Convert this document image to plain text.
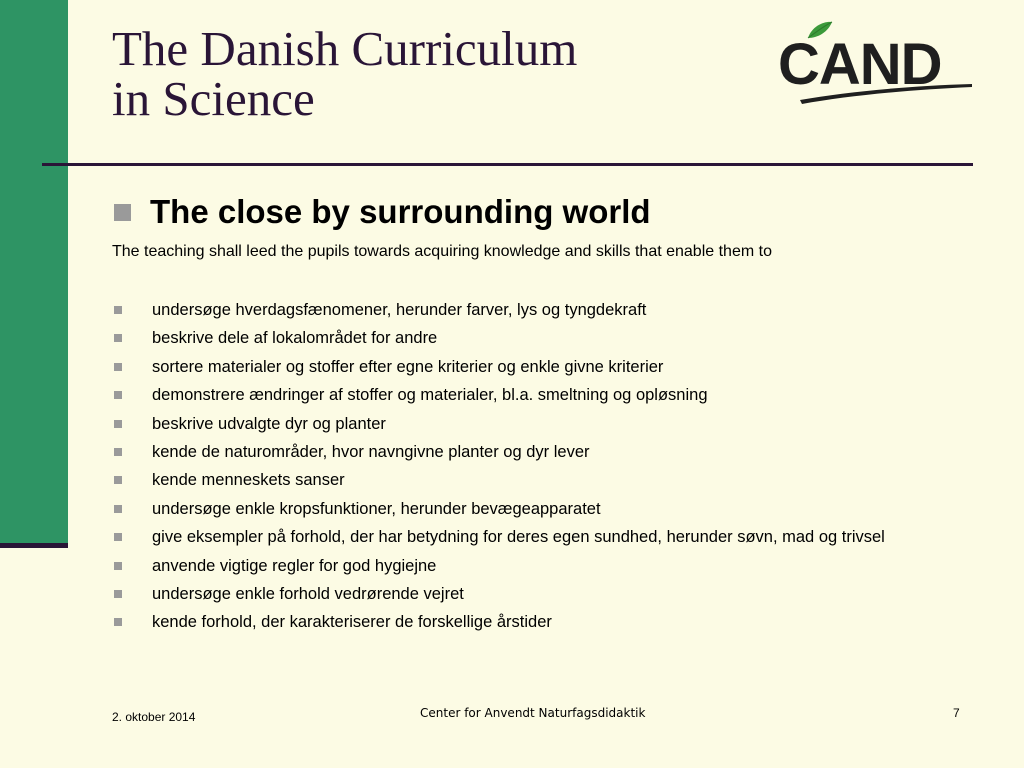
The Danish Curriculum
in Science
CAND
The close by surrounding world
The teaching shall leed the pupils towards acquiring knowledge and skills that enable them to
undersøge hverdagsfænomener, herunder farver, lys og tyngdekraft
beskrive dele af lokalområdet for andre
sortere materialer og stoffer efter egne kriterier og enkle givne kriterier
demonstrere ændringer af stoffer og materialer, bl.a. smeltning og opløsning
beskrive udvalgte dyr og planter
kende de naturområder, hvor navngivne planter og dyr lever
kende menneskets sanser
undersøge enkle kropsfunktioner, herunder bevægeapparatet
give eksempler på forhold, der har betydning for deres egen sundhed, herunder søvn, mad og trivsel
anvende vigtige regler for god hygiejne
undersøge enkle forhold vedrørende vejret
kende forhold, der karakteriserer de forskellige årstider
2. oktober 2014	Center for Anvendt Naturfagsdidaktik	7
